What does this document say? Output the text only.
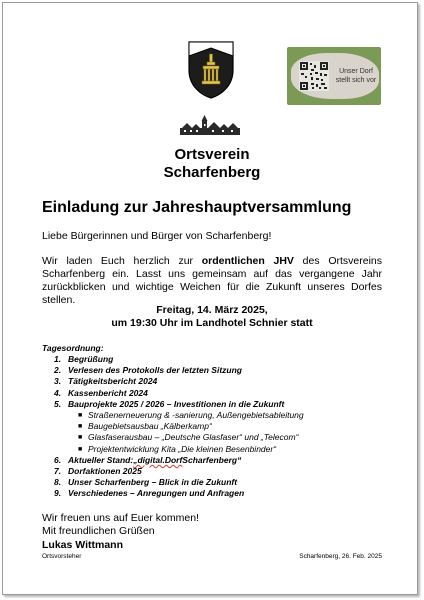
Unser Dorf stellt sich vor
Ortsverein
Scharfenberg
Einladung zur Jahreshauptversammlung
Liebe Bürgerinnen und Bürger von Scharfenberg!
Wir laden Euch herzlich zur ordentlichen JHV des Ortsvereins
Scharfenberg ein. Lasst uns gemeinsam auf das vergangene Jahr
zurückblicken und wichtige Weichen für die Zukunft unseres Dorfes
stellen.
Freitag, 14. März 2025,
um 19:30 Uhr im Landhotel Schnier statt
Tagesordnung:
1. Begrüßung
2. Verlesen des Protokolls der letzten Sitzung
3. Tätigkeitsbericht 2024
4. Kassenbericht 2024
5. Bauprojekte 2025 / 2026 – Investitionen in die Zukunft
■ Straßenerneuerung & -sanierung, Außengebietsableitung
■ Baugebietsausbau „Kälberkamp“
■ Glasfaserausbau – „Deutsche Glasfaser“ und „Telecom“
■ Projektentwicklung Kita „Die kleinen Besenbinder“
6. Aktueller Stand: „digital.Dorf Scharfenberg“
7. Dorfaktionen 2025
8. Unser Scharfenberg – Blick in die Zukunft
9. Verschiedenes – Anregungen und Anfragen
Wir freuen uns auf Euer kommen!
Mit freundlichen Grüßen
Lukas Wittmann
Ortsvorsteher	Scharfenberg, 26. Feb. 2025
